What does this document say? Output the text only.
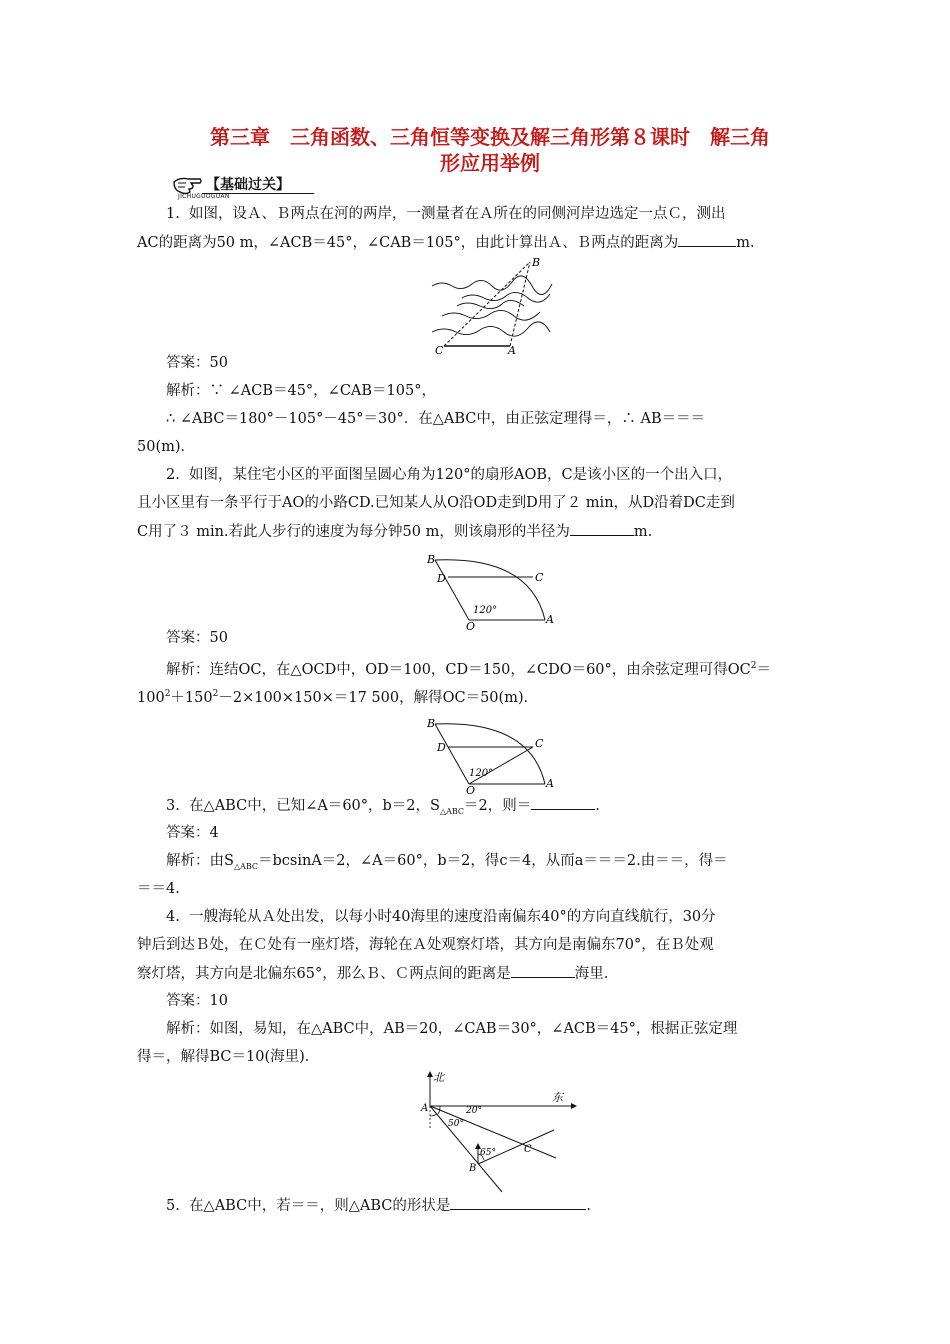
第三章　三角函数、三角恒等变换及解三角形第８课时　解三角
形应用举例
【基础过关】
JICHUGUOGUAN
1.  如图，设Ａ、Ｂ两点在河的两岸，一测量者在Ａ所在的同侧河岸边选定一点Ｃ，测出
AC的距离为50 m，∠ACB＝45°，∠CAB＝105°，由此计算出Ａ、Ｂ两点的距离为	m.
B
C	A
答案：50
解析：∵ ∠ACB＝45°，∠CAB＝105°，
∴ ∠ABC＝180°－105°－45°＝30°．在△ABC中，由正弦定理得＝，∴ AB＝＝＝
50(m)．
2.  如图，某住宅小区的平面图呈圆心角为120°的扇形AOB，C是该小区的一个出入口，
且小区里有一条平行于AO的小路CD.已知某人从O沿OD走到D用了２ min，从D沿着DC走到
C用了３ min.若此人步行的速度为每分钟50 m，则该扇形的半径为	m.
B
D	C
120°
O
A
答案：50
解析：连结OC，在△OCD中，OD＝100，CD＝150，∠CDO＝60°，由余弦定理可得$OC^2=$
$100^2+150^2-2\times 100\times 150\times=17$ 500，解得OC＝50(m)．
B
D	C
120°
O
A
3.  在△ABC中，已知∠A＝60°，b＝2，$S_{\triangle ABC}=2$，则＝	.
答案：4
解析：由$S_{\triangle ABC}=bcsinA=2$，∠A＝60°，b＝2，得c＝4，从而a＝＝＝2.由＝＝，得＝
＝＝4.
4.  一艘海轮从Ａ处出发，以每小时40海里的速度沿南偏东40°的方向直线航行，30分
钟后到达Ｂ处，在Ｃ处有一座灯塔，海轮在Ａ处观察灯塔，其方向是南偏东70°，在Ｂ处观
察灯塔，其方向是北偏东65°，那么Ｂ、Ｃ两点间的距离是	海里.
答案：10
解析：如图，易知，在△ABC中，AB＝20，∠CAB＝30°，∠ACB＝45°，根据正弦定理
得＝，解得BC＝10(海里)．
北
东
A	20°
50°
65°
B
C
5.  在△ABC中，若＝＝，则△ABC的形状是	.
